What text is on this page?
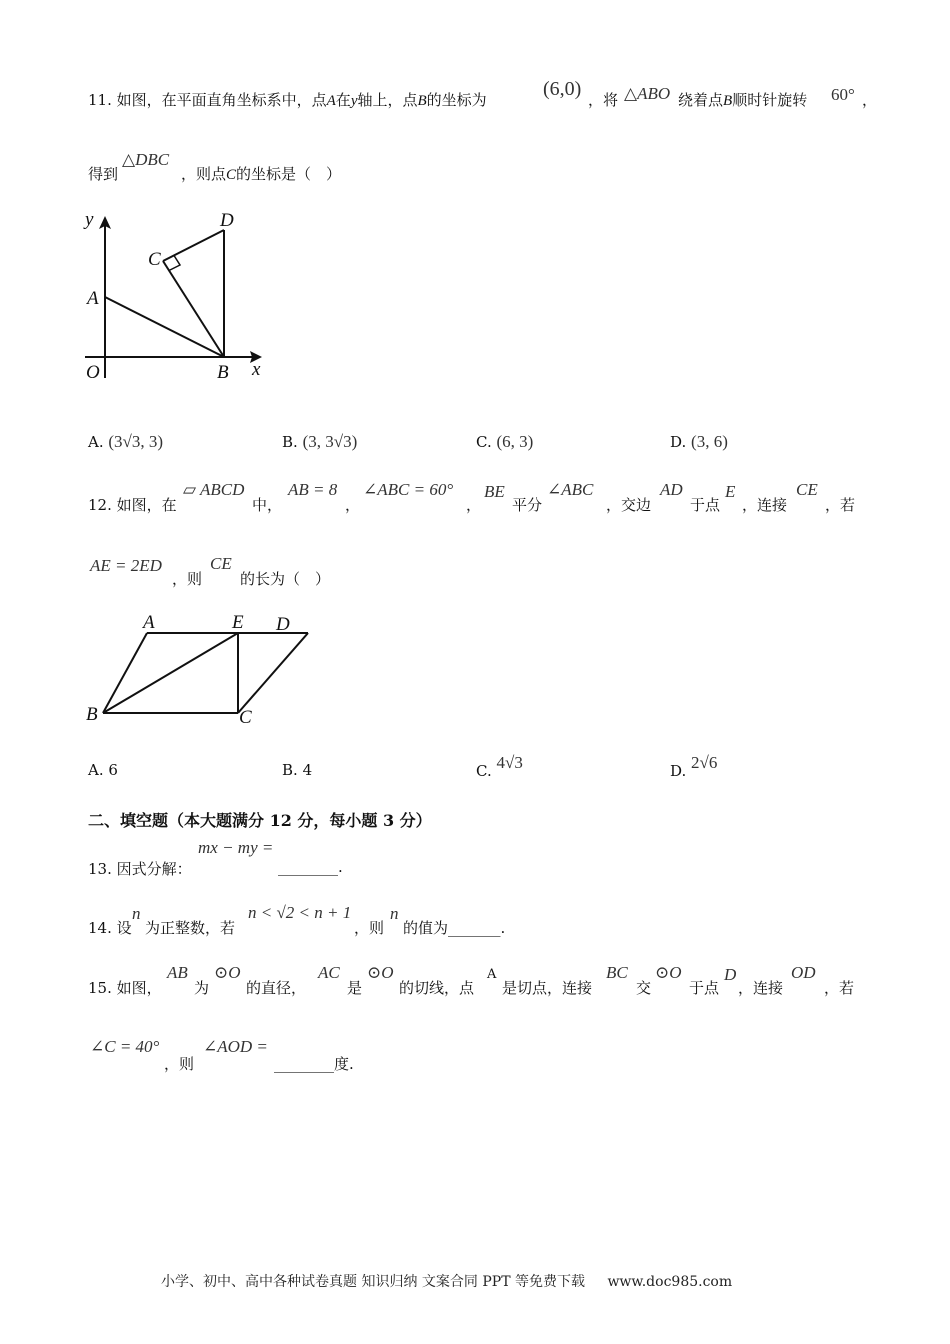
11. 如图，在平面直角坐标系中，点A在y轴上，点B的坐标为	(6,0) ，将 △ABO 绕着点B顺时针旋转 60° ，
得到
△DBC
，则点C的坐标是（　）
y
x
O
A
B
C
D
A. (3√3, 3)	B. (3, 3√3)	C. (6, 3)	D. (3, 6)
12. 如图，在
▱ ABCD
中，
AB = 8
，
∠ABC = 60°
，
BE
平分
∠ABC
，交边
AD
于点
E
，连接
CE
，若
AE = 2ED
，则
CE
的长为（　）
A	E D
B	C
A. 6	B. 4	C. 4√3	D. 2√6
二、填空题（本大题满分 12 分，每小题 3 分）
13. 因式分解：
mx − my =
________.
14. 设
n
为正整数，若
n < √2 < n + 1
，则
n
的值为_______.
15. 如图，
AB
为
⊙O
的直径，
AC
是
⊙O
的切线，点
A
是切点，连接
BC
交
⊙O
于点
D
，连接
OD
，若
∠C = 40°
，则
∠AOD =
________度.
小学、初中、高中各种试卷真题 知识归纳 文案合同 PPT 等免费下载 www.doc985.com
